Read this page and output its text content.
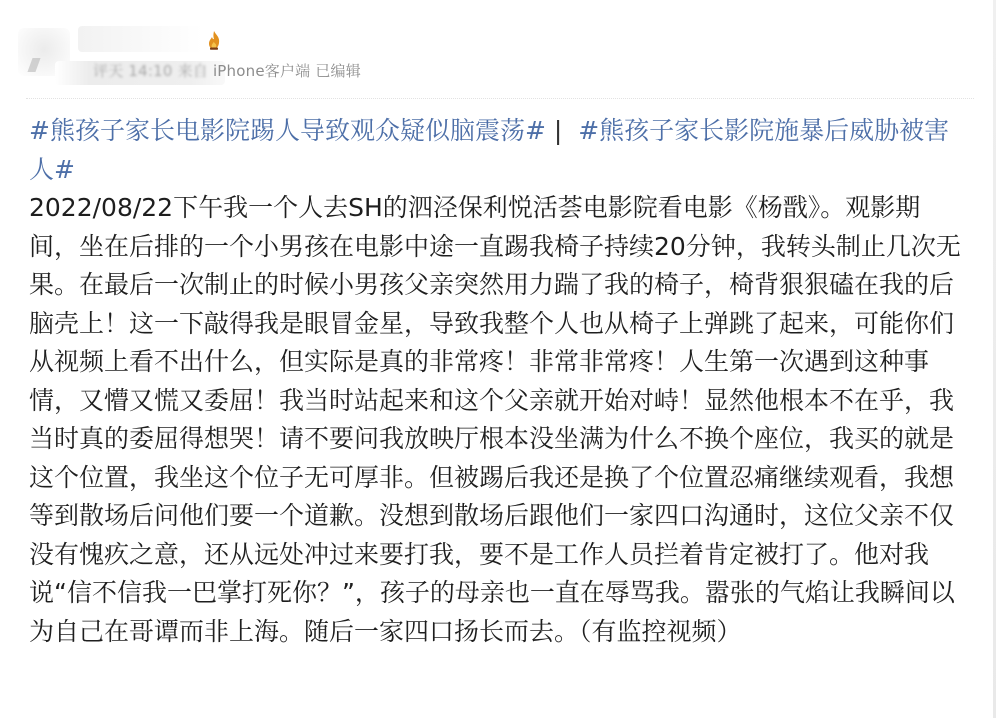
评天 14:10 来自 iPhone客户端 已编辑
#熊孩子家长电影院踢人导致观众疑似脑震荡# | #熊孩子家长影院施暴后威胁被害人#
2022/08/22下午我一个人去SH的泗泾保利悦活荟电影院看电影《杨戬》。观影期间，坐在后排的一个小男孩在电影中途一直踢我椅子持续20分钟，我转头制止几次无果。在最后一次制止的时候小男孩父亲突然用力踹了我的椅子，椅背狠狠磕在我的后脑壳上！这一下敲得我是眼冒金星，导致我整个人也从椅子上弹跳了起来，可能你们从视频上看不出什么，但实际是真的非常疼！非常非常疼！人生第一次遇到这种事情，又懵又慌又委屈！我当时站起来和这个父亲就开始对峙！显然他根本不在乎，我当时真的委屈得想哭！请不要问我放映厅根本没坐满为什么不换个座位，我买的就是这个位置，我坐这个位子无可厚非。但被踢后我还是换了个位置忍痛继续观看，我想等到散场后问他们要一个道歉。没想到散场后跟他们一家四口沟通时，这位父亲不仅没有愧疚之意，还从远处冲过来要打我，要不是工作人员拦着肯定被打了。他对我说“信不信我一巴掌打死你？”，孩子的母亲也一直在辱骂我。嚣张的气焰让我瞬间以为自己在哥谭而非上海。随后一家四口扬长而去。（有监控视频）
